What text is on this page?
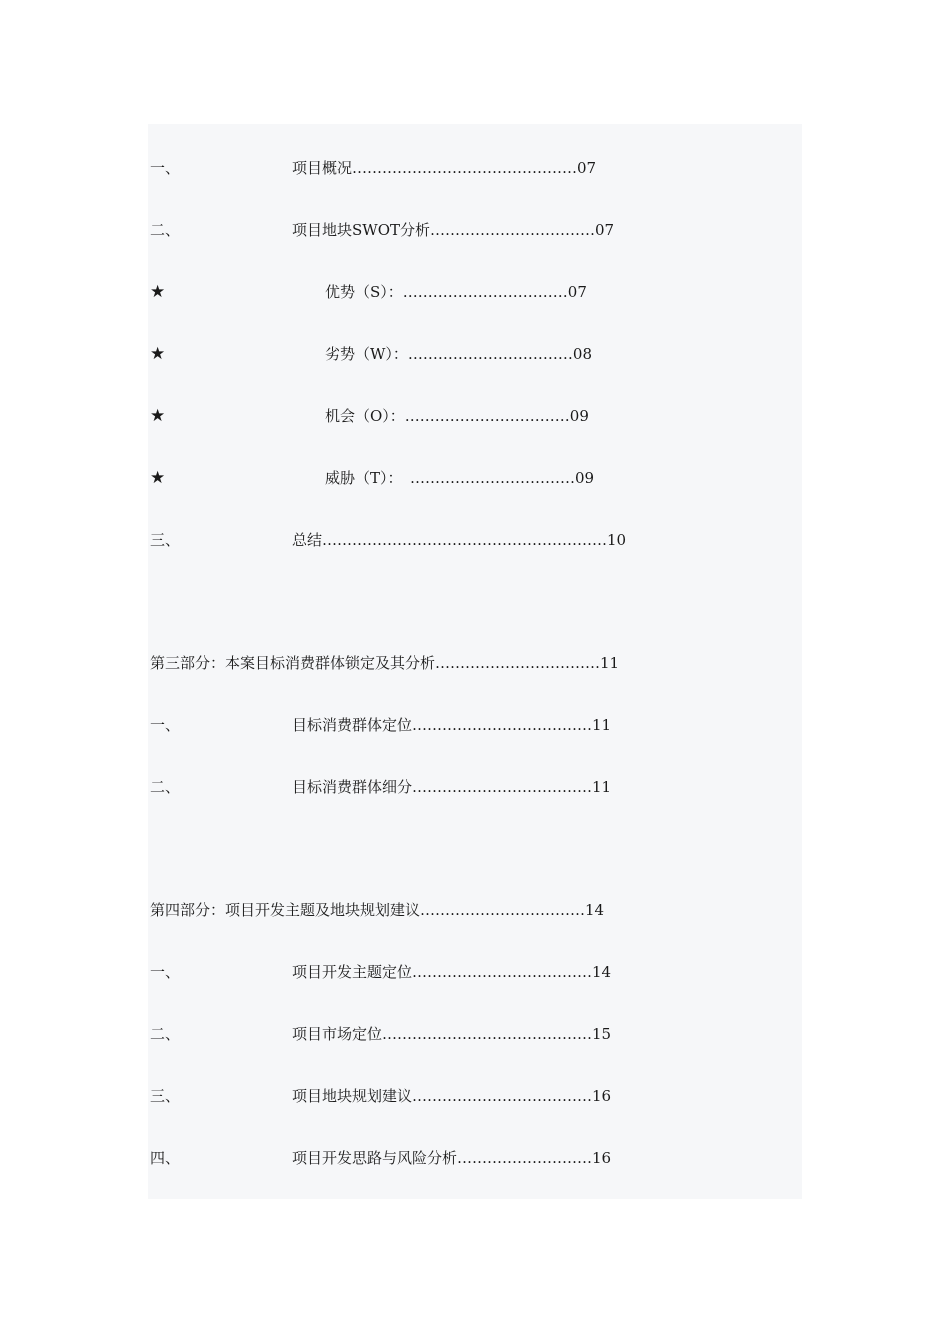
一、	项目概况………………………………………07
二、	项目地块SWOT分析……………………………07
★	优势（S）：……………………………07
★	劣势（W）：……………………………08
★	机会（O）：……………………………09
★	威胁（T）：　……………………………09
三、	总结…………………………………………………10
第三部分：本案目标消费群体锁定及其分析……………………………11
一、	目标消费群体定位………………………………11
二、	目标消费群体细分………………………………11
第四部分：项目开发主题及地块规划建议……………………………14
一、	项目开发主题定位………………………………14
二、	项目市场定位……………………………………15
三、	项目地块规划建议………………………………16
四、	项目开发思路与风险分析………………………16
